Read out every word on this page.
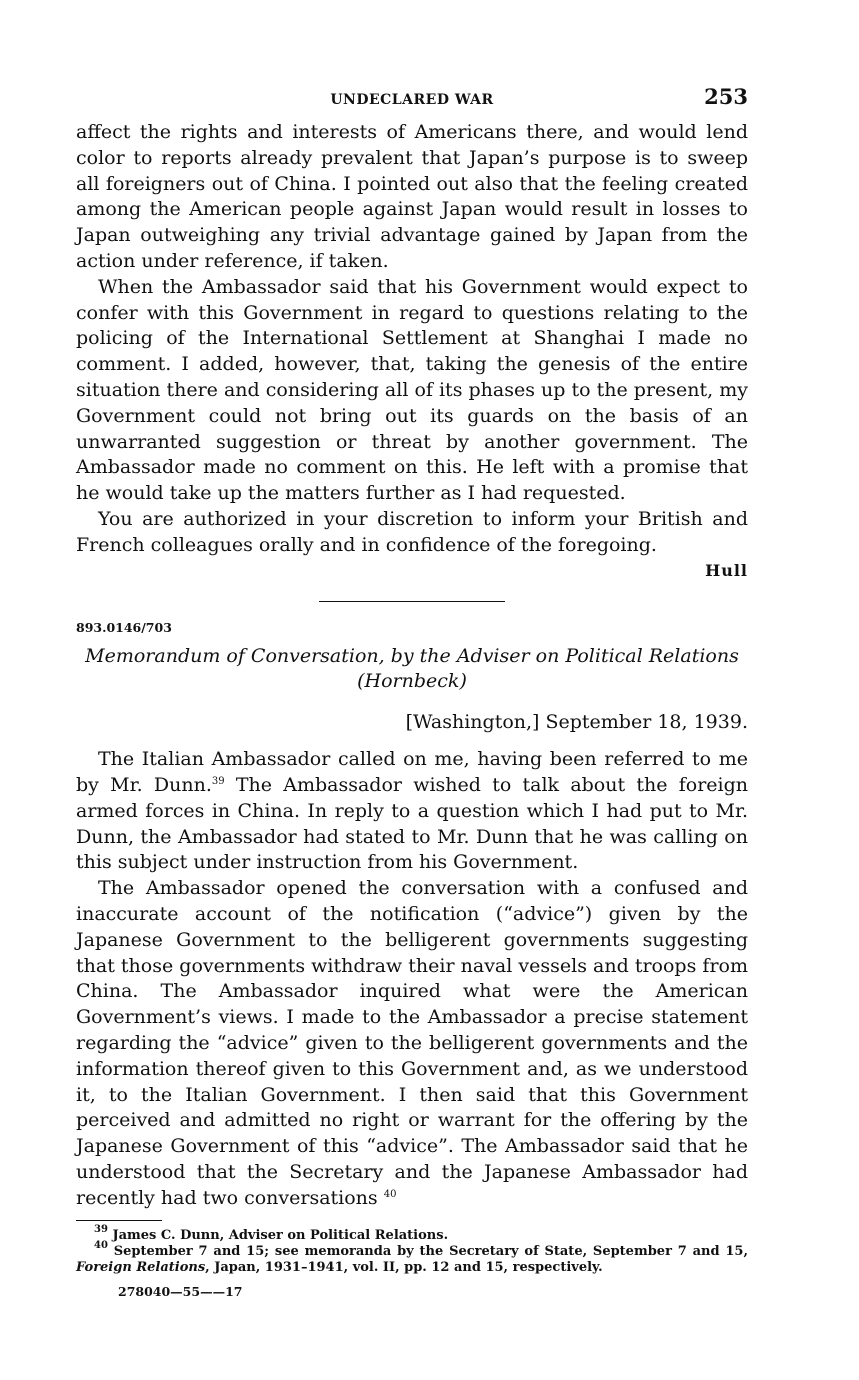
UNDECLARED WAR	253

affect the rights and interests of Americans there, and would lend color to reports already prevalent that Japan’s purpose is to sweep all foreigners out of China. I pointed out also that the feeling created among the American people against Japan would result in losses to Japan outweighing any trivial advantage gained by Japan from the action under reference, if taken.

When the Ambassador said that his Government would expect to confer with this Government in regard to questions relating to the policing of the International Settlement at Shanghai I made no comment. I added, however, that, taking the genesis of the entire situation there and considering all of its phases up to the present, my Government could not bring out its guards on the basis of an unwarranted suggestion or threat by another government. The Ambassador made no comment on this. He left with a promise that he would take up the matters further as I had requested.

You are authorized in your discretion to inform your British and French colleagues orally and in confidence of the foregoing.

Hull
893.0146/703

Memorandum of Conversation, by the Adviser on Political Relations (Hornbeck)

[Washington,] September 18, 1939.

The Italian Ambassador called on me, having been referred to me by Mr. Dunn.$^{39}$ The Ambassador wished to talk about the foreign armed forces in China. In reply to a question which I had put to Mr. Dunn, the Ambassador had stated to Mr. Dunn that he was calling on this subject under instruction from his Government.

The Ambassador opened the conversation with a confused and inaccurate account of the notification (“advice”) given by the Japanese Government to the belligerent governments suggesting that those governments withdraw their naval vessels and troops from China. The Ambassador inquired what were the American Government’s views. I made to the Ambassador a precise statement regarding the “advice” given to the belligerent governments and the information thereof given to this Government and, as we understood it, to the Italian Government. I then said that this Government perceived and admitted no right or warrant for the offering by the Japanese Government of this “advice”. The Ambassador said that he understood that the Secretary and the Japanese Ambassador had recently had two conversations $^{40}$

$^{39}$ James C. Dunn, Adviser on Political Relations.

$^{40}$ September 7 and 15; see memoranda by the Secretary of State, September 7 and 15, Foreign Relations, Japan, 1931–1941, vol. II, pp. 12 and 15, respectively.

278040—55——17
